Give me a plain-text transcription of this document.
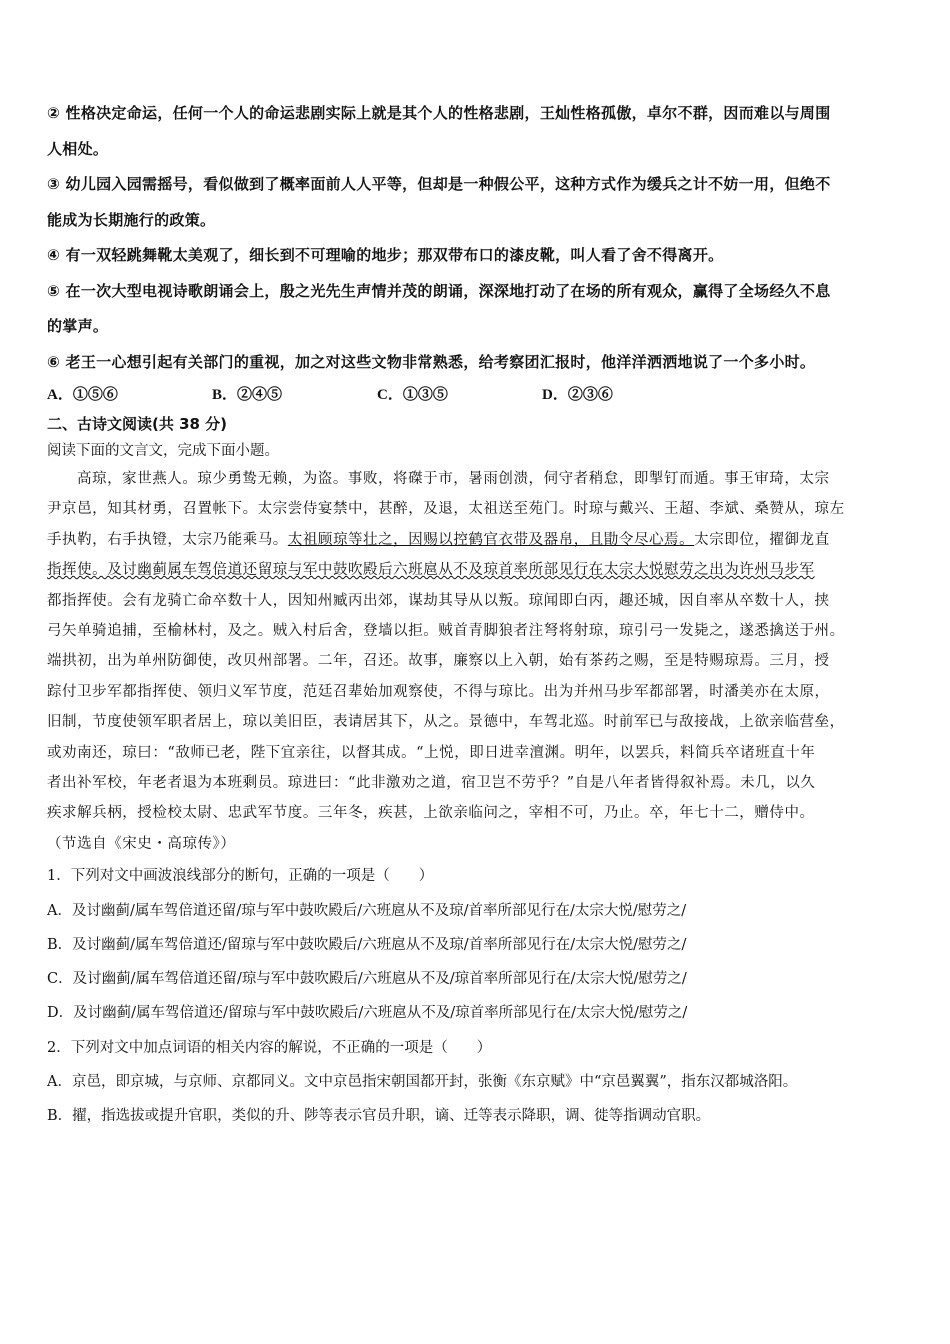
② 性格决定命运，任何一个人的命运悲剧实际上就是其个人的性格悲剧，王灿性格孤傲，卓尔不群，因而难以与周围

人相处。

③ 幼儿园入园需摇号，看似做到了概率面前人人平等，但却是一种假公平，这种方式作为缓兵之计不妨一用，但绝不

能成为长期施行的政策。

④ 有一双轻跳舞靴太美观了，细长到不可理喻的地步；那双带布口的漆皮靴，叫人看了舍不得离开。

⑤ 在一次大型电视诗歌朗诵会上，殷之光先生声情并茂的朗诵，深深地打动了在场的所有观众，赢得了全场经久不息

的掌声。

⑥ 老王一心想引起有关部门的重视，加之对这些文物非常熟悉，给考察团汇报时，他洋洋洒洒地说了一个多小时。

A．①⑤⑥	B．②④⑤	C．①③⑤	D．②③⑥

二、古诗文阅读(共 38 分)

阅读下面的文言文，完成下面小题。

高琼，家世燕人。琼少勇鸷无赖，为盗。事败，将磔于市，暑雨创溃，伺守者稍怠，即掣钉而遁。事王审琦，太宗

尹京邑，知其材勇，召置帐下。太宗尝侍宴禁中，甚醉，及退，太祖送至苑门。时琼与戴兴、王超、李斌、桑赞从，琼左

手执靮，右手执镫，太宗乃能乘马。太祖顾琼等壮之，因赐以控鹤官衣带及器帛，且勖令尽心焉。太宗即位，擢御龙直

指挥使。及讨幽蓟属车驾倍道还留琼与军中鼓吹殿后六班扈从不及琼首率所部见行在太宗大悦慰劳之出为许州马步军

都指挥使。会有龙骑亡命卒数十人，因知州臧丙出郊，谋劫其导从以叛。琼闻即白丙，趣还城，因自率从卒数十人，挟

弓矢单骑追捕，至榆林村，及之。贼入村后舍，登墙以拒。贼首青脚狼者注弩将射琼，琼引弓一发毙之，遂悉擒送于州。

端拱初，出为单州防御使，改贝州部署。二年，召还。故事，廉察以上入朝，始有茶药之赐，至是特赐琼焉。三月，授

踪付卫步军都指挥使、领归义军节度，范廷召辈始加观察使，不得与琼比。出为并州马步军都部署，时潘美亦在太原，

旧制，节度使领军职者居上，琼以美旧臣，表请居其下，从之。景德中，车驾北巡。时前军已与敌接战，上欲亲临营垒，

或劝南还，琼曰：“敌师已老，陛下宜亲往，以督其成。“上悦，即日进幸澶渊。明年，以罢兵，料简兵卒诸班直十年

者出补军校，年老者退为本班剩员。琼进曰：“此非激劝之道，宿卫岂不劳乎？”自是八年者皆得叙补焉。未几，以久

疾求解兵柄，授检校太尉、忠武军节度。三年冬，疾甚，上欲亲临问之，宰相不可，乃止。卒，年七十二，赠侍中。

（节选自《宋史・高琼传》）

1．下列对文中画波浪线部分的断句，正确的一项是（　　）

A．及讨幽蓟/属车驾倍道还留/琼与军中鼓吹殿后/六班扈从不及琼/首率所部见行在/太宗大悦/慰劳之/

B．及讨幽蓟/属车驾倍道还/留琼与军中鼓吹殿后/六班扈从不及琼/首率所部见行在/太宗大悦/慰劳之/

C．及讨幽蓟/属车驾倍道还留/琼与军中鼓吹殿后/六班扈从不及/琼首率所部见行在/太宗大悦/慰劳之/

D．及讨幽蓟/属车驾倍道还/留琼与军中鼓吹殿后/六班扈从不及/琼首率所部见行在/太宗大悦/慰劳之/

2．下列对文中加点词语的相关内容的解说，不正确的一项是（　　）

A．京邑，即京城，与京师、京都同义。文中京邑指宋朝国都开封，张衡《东京赋》中“京邑翼翼”，指东汉都城洛阳。

B．擢，指选拔或提升官职，类似的升、陟等表示官员升职，谪、迁等表示降职，调、徙等指调动官职。
